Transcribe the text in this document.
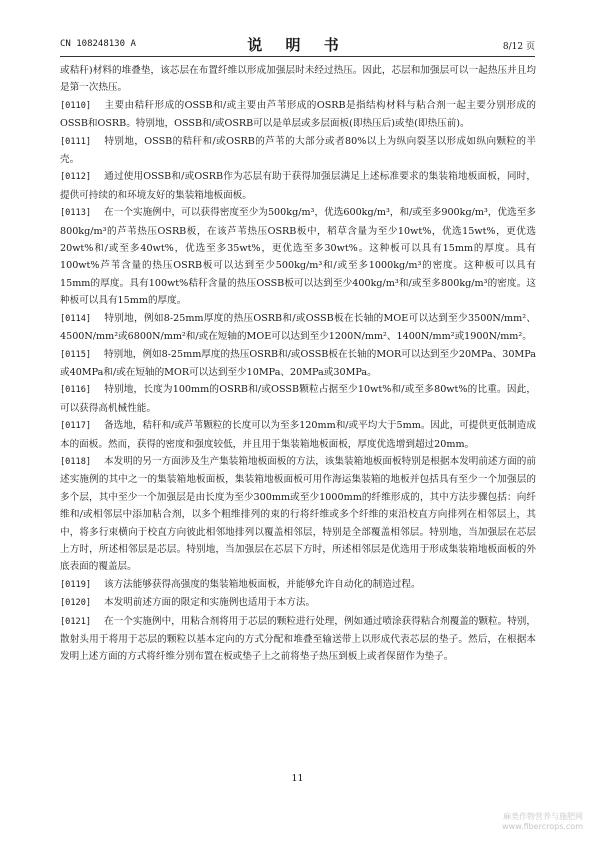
CN 108248130 A	说 明 书	8/12 页

或秸秆)材料的堆叠垫，该芯层在布置纤维以形成加强层时未经过热压。因此，芯层和加强层可以一起热压并且均是第一次热压。

[0110] 主要由秸秆形成的OSSB和/或主要由芦苇形成的OSRB是指结构材料与粘合剂一起主要分别形成的OSSB和OSRB。特别地，OSSB和/或OSRB可以是单层或多层面板(即热压后)或垫(即热压前)。

[0111] 特别地，OSSB的秸秆和/或OSRB的芦苇的大部分或者80%以上为纵向裂茎以形成如纵向颗粒的半壳。

[0112] 通过使用OSSB和/或OSRB作为芯层有助于获得加强层满足上述标准要求的集装箱地板面板，同时，提供可持续的和环境友好的集装箱地板面板。

[0113] 在一个实施例中，可以获得密度至少为500kg/m³，优选600kg/m³，和/或至多900kg/m³，优选至多800kg/m³的芦苇热压OSRB板，在该芦苇热压OSRB板中，稻草含量为至少10wt%，优选15wt%，更优选20wt%和/或至多40wt%，优选至多35wt%，更优选至多30wt%。这种板可以具有15mm的厚度。具有100wt%芦苇含量的热压OSRB板可以达到至少500kg/m³和/或至多1000kg/m³的密度。这种板可以具有15mm的厚度。具有100wt%秸秆含量的热压OSSB板可以达到至少400kg/m³和/或至多800kg/m³的密度。这种板可以具有15mm的厚度。

[0114] 特别地，例如8-25mm厚度的热压OSRB和/或OSSB板在长轴的MOE可以达到至少3500N/mm²、4500N/mm²或6800N/mm²和/或在短轴的MOE可以达到至少1200N/mm²、1400N/mm²或1900N/mm²。

[0115] 特别地，例如8-25mm厚度的热压OSRB和/或OSSB板在长轴的MOR可以达到至少20MPa、30MPa或40MPa和/或在短轴的MOR可以达到至少10MPa、20MPa或30MPa。

[0116] 特别地，长度为100mm的OSRB和/或OSSB颗粒占据至少10wt%和/或至多80wt%的比重。因此，可以获得高机械性能。

[0117] 备选地，秸秆和/或芦苇颗粒的长度可以为至多120mm和/或平均大于5mm。因此，可提供更低制造成本的面板。然而，获得的密度和强度较低，并且用于集装箱地板面板，厚度优选增到超过20mm。

[0118] 本发明的另一方面涉及生产集装箱地板面板的方法，该集装箱地板面板特别是根据本发明前述方面的前述实施例的其中之一的集装箱地板面板，集装箱地板面板可用作海运集装箱的地板并包括具有至少一个加强层的多个层，其中至少一个加强层是由长度为至少300mm或至少1000mm的纤维形成的，其中方法步骤包括：向纤维和/或相邻层中添加粘合剂，以多个粗维排列的束的行将纤维或多个纤维的束沿校直方向排列在相邻层上，其中，将多行束横向于校直方向彼此相邻地排列以覆盖相邻层，特别是全部覆盖相邻层。特别地，当加强层在芯层上方时，所述相邻层是芯层。特别地，当加强层在芯层下方时，所述相邻层是优选用于形成集装箱地板面板的外底表面的覆盖层。

[0119] 该方法能够获得高强度的集装箱地板面板，并能够允许自动化的制造过程。

[0120] 本发明前述方面的限定和实施例也适用于本方法。

[0121] 在一个实施例中，用粘合剂将用于芯层的颗粒进行处理，例如通过喷涂获得粘合剂覆盖的颗粒。特别，散射头用于将用于芯层的颗粒以基本定向的方式分配和堆叠至输送带上以形成代表芯层的垫子。然后，在根据本发明上述方面的方式将纤维分别布置在板或垫子上之前将垫子热压到板上或者保留作为垫子。

11
麻类作物营养与施肥网
www.fibercrops.com
